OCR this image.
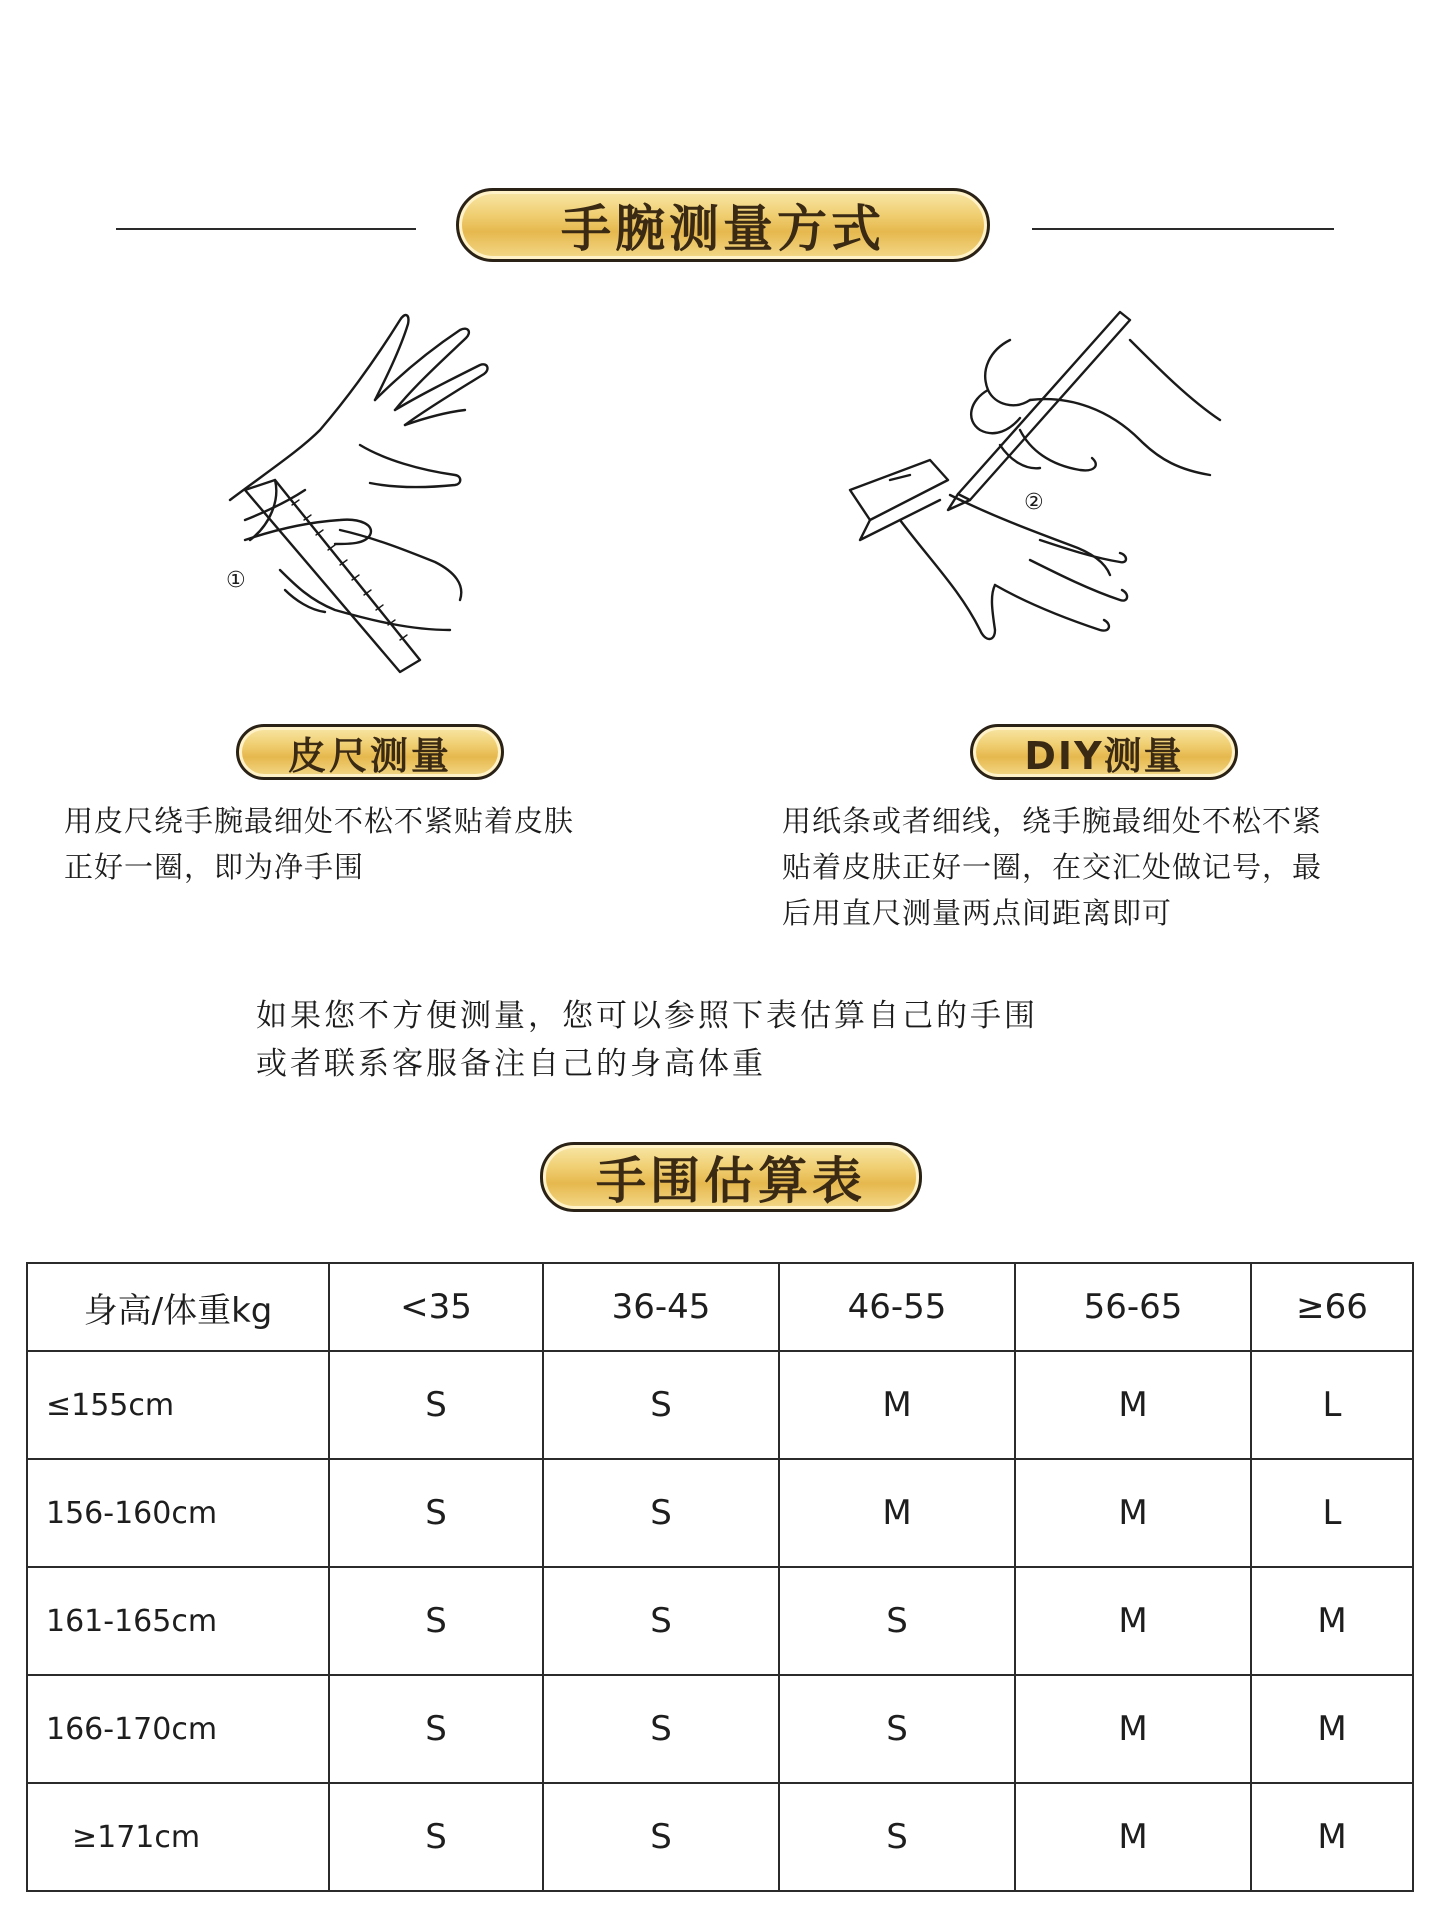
手腕测量方式
①
②
皮尺测量	DIY测量
用皮尺绕手腕最细处不松不紧贴着皮肤
正好一圈，即为净手围
用纸条或者细线，绕手腕最细处不松不紧
贴着皮肤正好一圈，在交汇处做记号，最
后用直尺测量两点间距离即可
如果您不方便测量，您可以参照下表估算自己的手围
或者联系客服备注自己的身高体重
手围估算表
身高/体重kg	<35	36-45	46-55	56-65	≥66
≤155cm	S	S	M	M	L
156-160cm	S	S	M	M	L
161-165cm	S	S	S	M	M
166-170cm	S	S	S	M	M
≥171cm	S	S	S	M	M
